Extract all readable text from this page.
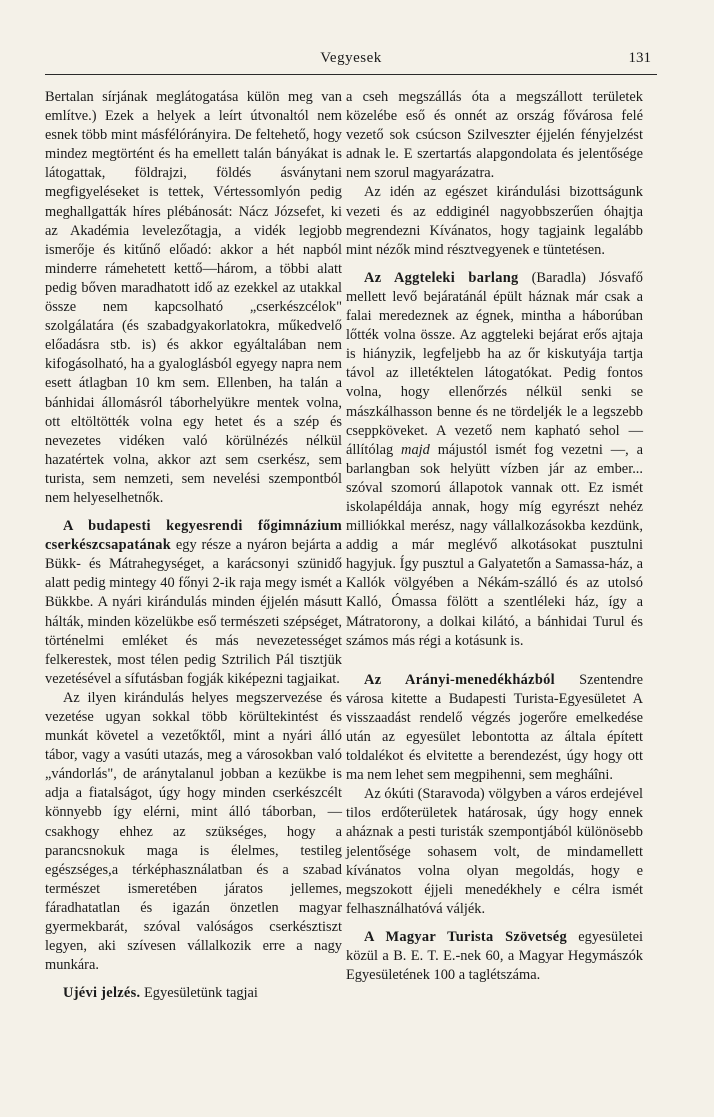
Vegyesek	131

Bertalan sírjának meglátogatása külön meg van említve.) Ezek a helyek a leírt útvonaltól nem esnek több mint másfélórányira. De feltehető, hogy mindez megtörtént és ha emellett talán bányákat is látogattak, földrajzi, földés ásványtani megfigyeléseket is tettek, Vértessomlyón pedig meghallgatták híres plébánosát: Nácz Józsefet, ki az Akadémia levelezőtagja, a vidék legjobb ismerője és kitűnő előadó: akkor a hét napból minderre rámehetett kettő—három, a többi alatt pedig bőven maradhatott idő az ezekkel az utakkal össze nem kapcsolható „cserkészcélok" szolgálatára (és szabadgyakorlatokra, műkedvelő előadásra stb. is) és akkor egyáltalában nem kifogásolható, ha a gyaloglásból egyegy napra nem esett átlagban 10 km sem. Ellenben, ha talán a bánhidai állomásról táborhelyükre mentek volna, ott eltöltötték volna egy hetet és a szép és nevezetes vidéken való körülnézés nélkül hazatértek volna, akkor azt sem cserkész, sem turista, sem nemzeti, sem nevelési szempontból nem helyeselhetnők.

A budapesti kegyesrendi főgimnázium cserkészcsapatának egy része a nyáron bejárta a Bükk- és Mátrahegységet, a karácsonyi szünidő alatt pedig mintegy 40 főnyi 2-ik raja megy ismét a Bükkbe. A nyári kirándulás minden éjjelén másutt hálták, minden közelükbe eső természeti szépséget, történelmi emléket és más nevezetességet felkerestek, most télen pedig Sztrilich Pál tisztjük vezetésével a sífutásban fogják kiképezni tagjaikat.

Az ilyen kirándulás helyes megszervezése és vezetése ugyan sokkal több körültekintést és munkát követel a vezetőktől, mint a nyári álló tábor, vagy a vasúti utazás, meg a városokban való „vándorlás", de aránytalanul jobban a kezükbe is adja a fiatalságot, úgy hogy minden cserkészcélt könnyebb így elérni, mint álló táborban, — csakhogy ehhez az szükséges, hogy a parancsnokuk maga is élelmes, testileg egészséges,a térképhasználatban és a szabad természet ismeretében járatos jellemes, fáradhatatlan és igazán önzetlen magyar gyermekbarát, szóval valóságos cserkésztiszt legyen, aki szívesen vállalkozik erre a nagy munkára.

Ujévi jelzés. Egyesületünk tagjai

a cseh megszállás óta a megszállott területek közelébe eső és onnét az ország fővárosa felé vezető sok csúcson Szilveszter éjjelén fényjelzést adnak le. E szertartás alapgondolata és jelentősége nem szorul magyarázatra.

Az idén az egészet kirándulási bizottságunk vezeti és az eddiginél nagyobbszerűen óhajtja megrendezni Kívánatos, hogy tagjaink legalább mint nézők mind résztvegyenek e tüntetésen.

Az Aggteleki barlang (Baradla) Jósvafő mellett levő bejáratánál épült háznak már csak a falai meredeznek az égnek, mintha a háborúban lőtték volna össze. Az aggteleki bejárat erős ajtaja is hiányzik, legfeljebb ha az őr kiskutyája tartja távol az illetéktelen látogatókat. Pedig fontos volna, hogy ellenőrzés nélkül senki se mászkálhasson benne és ne tördeljék le a legszebb cseppköveket. A vezető nem kapható sehol — állítólag majd májustól ismét fog vezetni —, a barlangban sok helyütt vízben jár az ember... szóval szomorú állapotok vannak ott. Ez ismét iskolapéldája annak, hogy míg egyrészt nehéz milliókkal merész, nagy vállalkozásokba kezdünk, addig a már meglévő alkotásokat pusztulni hagyjuk. Így pusztul a Galyatetőn a Samassa-ház, a Kallók völgyében a Nékám-szálló és az utolsó Kalló, Ómassa fölött a szentléleki ház, így a Mátratorony, a dolkai kilátó, a bánhidai Turul és számos más régi a kotásunk is.

Az Arányi-menedékházból Szentendre városa kitette a Budapesti Turista-Egyesületet A visszaadást rendelő végzés jogerőre emelkedése után az egyesület lebontotta az általa épített toldalékot és elvitette a berendezést, úgy hogy ott ma nem lehet sem megpihenni, sem megháîni.

Az ókúti (Staravoda) völgyben a város erdejével tilos erdőterületek határosak, úgy hogy ennek aháznak a pesti turisták szempontjából különösebb jelentősége sohasem volt, de mindamellett kívánatos volna olyan megoldás, hogy e megszokott éjjeli menedékhely e célra ismét felhasználhatóvá váljék.

A Magyar Turista Szövetség egyesületei közül a B. E. T. E.-nek 60, a Magyar Hegymászók Egyesületének 100 a taglétszáma.
